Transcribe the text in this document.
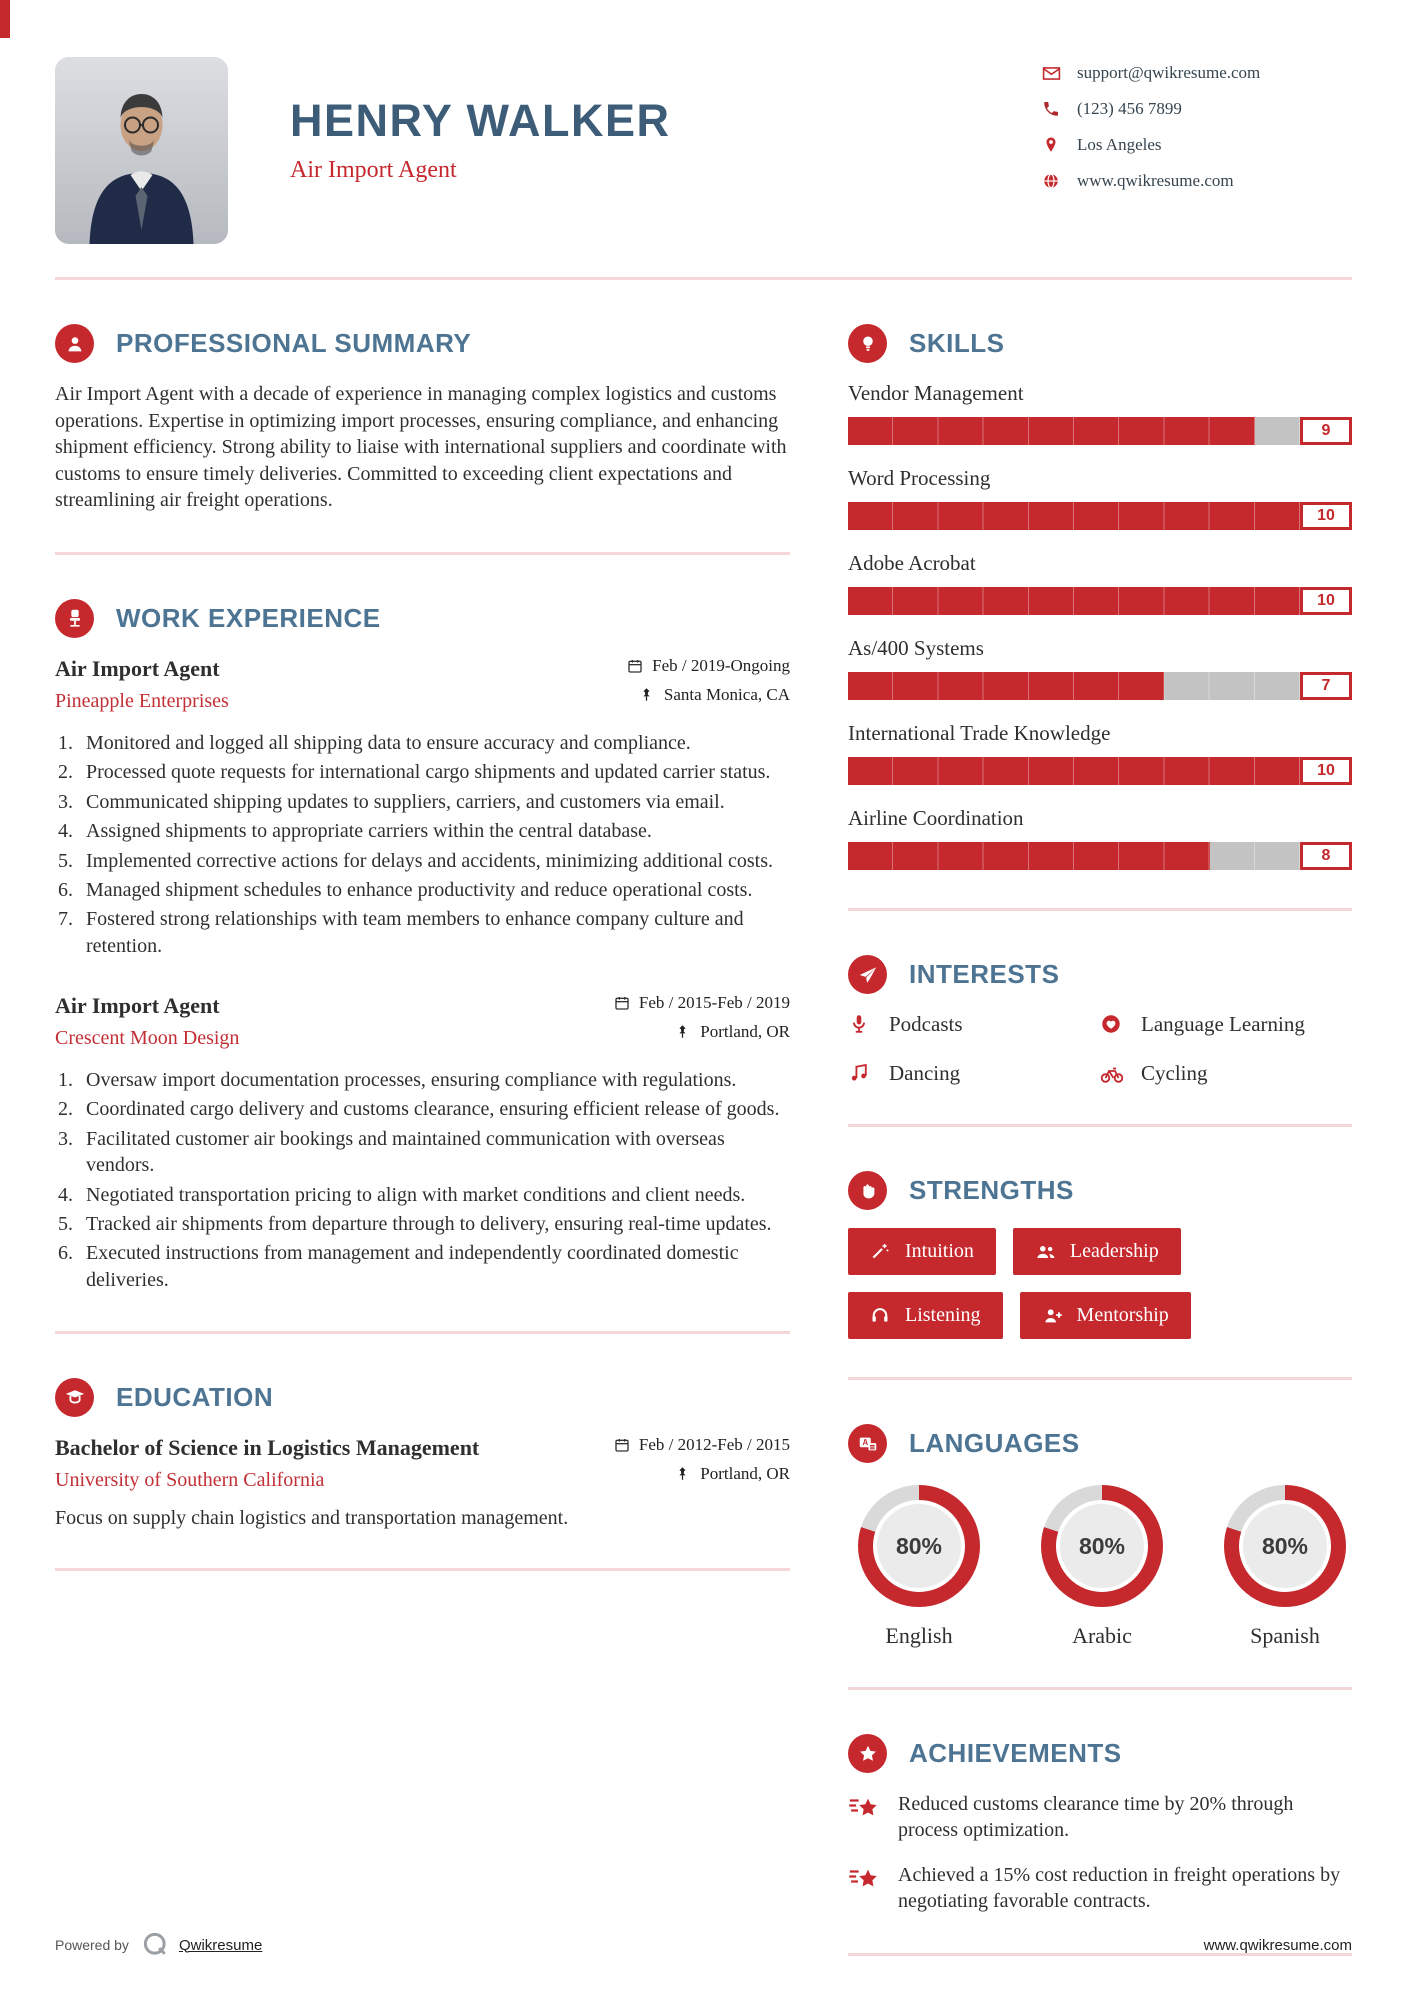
HENRY WALKER
Air Import Agent
support@qwikresume.com
(123) 456 7899
Los Angeles
www.qwikresume.com
PROFESSIONAL SUMMARY

Air Import Agent with a decade of experience in managing complex logistics and customs operations. Expertise in optimizing import processes, ensuring compliance, and enhancing shipment efficiency. Strong ability to liaise with international suppliers and coordinate with customs to ensure timely deliveries. Committed to exceeding client expectations and streamlining air freight operations.

WORK EXPERIENCE
Air Import Agent
Pineapple Enterprises
Feb / 2019-Ongoing
Santa Monica, CA
Monitored and logged all shipping data to ensure accuracy and compliance.
Processed quote requests for international cargo shipments and updated carrier status.
Communicated shipping updates to suppliers, carriers, and customers via email.
Assigned shipments to appropriate carriers within the central database.
Implemented corrective actions for delays and accidents, minimizing additional costs.
Managed shipment schedules to enhance productivity and reduce operational costs.
Fostered strong relationships with team members to enhance company culture and retention.
Air Import Agent
Crescent Moon Design
Feb / 2015-Feb / 2019
Portland, OR
Oversaw import documentation processes, ensuring compliance with regulations.
Coordinated cargo delivery and customs clearance, ensuring efficient release of goods.
Facilitated customer air bookings and maintained communication with overseas vendors.
Negotiated transportation pricing to align with market conditions and client needs.
Tracked air shipments from departure through to delivery, ensuring real-time updates.
Executed instructions from management and independently coordinated domestic deliveries.
EDUCATION
Bachelor of Science in Logistics Management
University of Southern California
Feb / 2012-Feb / 2015
Portland, OR

Focus on supply chain logistics and transportation management.

SKILLS
Vendor Management
9
Word Processing
10
Adobe Acrobat
10
As/400 Systems
7
International Trade Knowledge
10
Airline Coordination
8
INTERESTS
Podcasts	Language Learning
Dancing	Cycling
STRENGTHS
Intuition	Leadership
Listening	Mentorship
A LANGUAGES
80%
English
80%
Arabic
80%
Spanish
ACHIEVEMENTS

Reduced customs clearance time by 20% through process optimization.

Achieved a 15% cost reduction in freight operations by negotiating favorable contracts.

Powered by	Qwikresume	www.qwikresume.com
